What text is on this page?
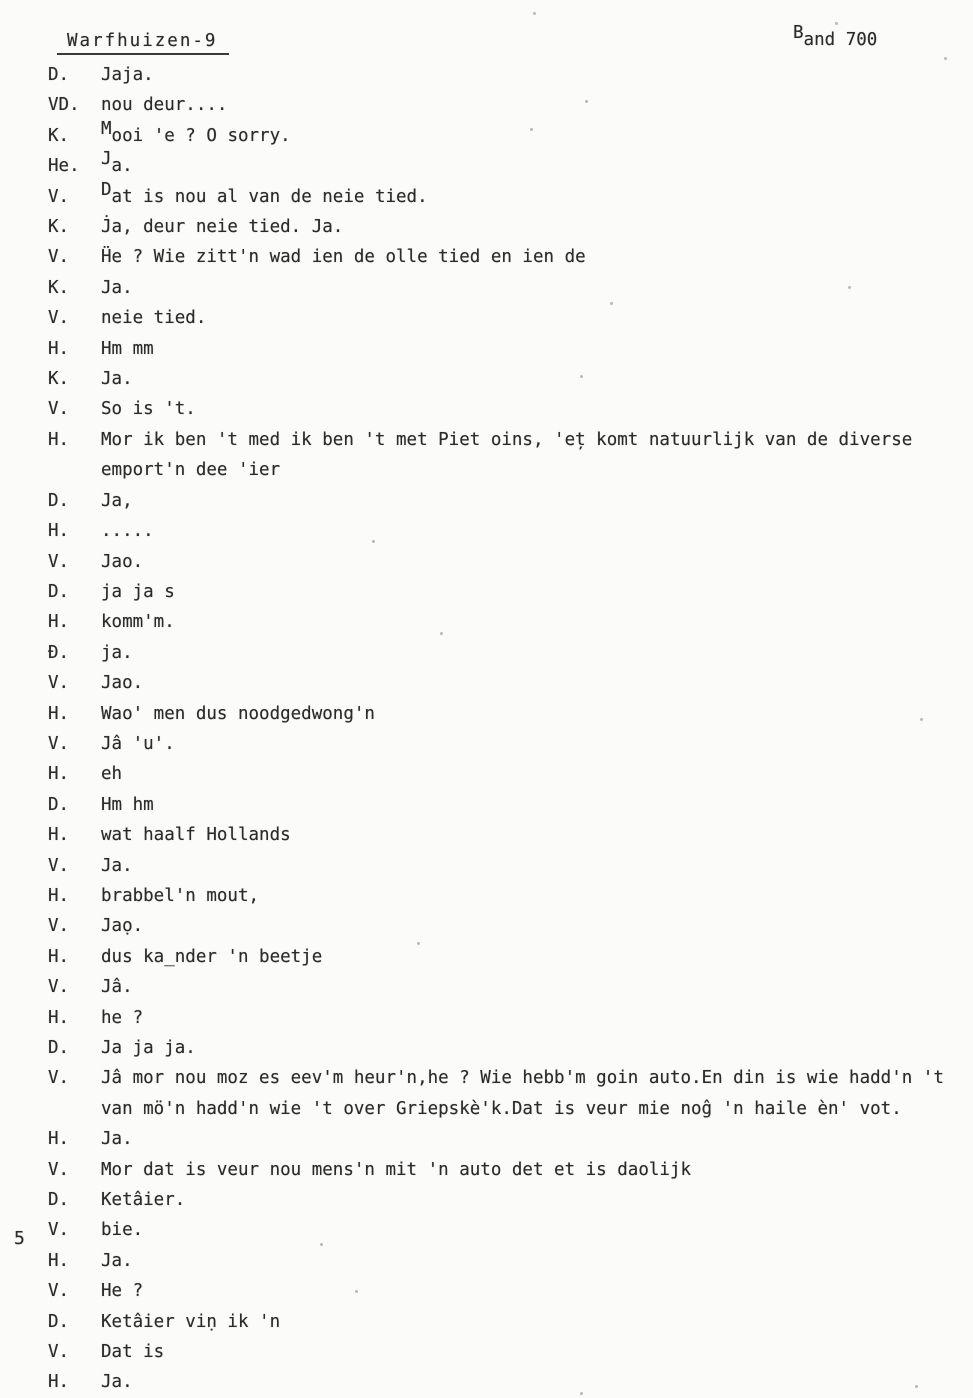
Warfhuizen-9	Band 700
D. Jaja.
VD. nou deur....
K. Mooi 'e ? O sorry.
He. Ja.
V. Dat is nou al van de neie tied.
K. J̇a, deur neie tied. Ja.
V. Ḧe ? Wie zitt'n wad ien de olle tied en ien de
K. Ja.
V. neie tied.
H. Hm mm
K. Ja.
V. So is 't.
H. Mor ik ben 't med ik ben 't met Piet oins, 'eț komt natuurlijk van de diverse
emport'n dee 'ier
D. Ja,
H. .....
V. Jao.
D. ja ja s
H. komm'm.
Ð. ja.
V. Jao.
H. Wao' men dus noodgedwong'n
V. Jâ 'u'.
H. eh
D. Hm hm
H. wat haalf Hollands
V. Ja.
H. brabbel'n mout,
V. Jaọ.
H. dus ka̲nder 'n beetje
V. Jâ.
H. he ?
D. Ja ja ja.
V. Jâ mor nou moz es eev'm heur'n,he ? Wie hebb'm goin auto.En din is wie hadd'n 't
van mö'n hadd'n wie 't over Griepskè'k.Dat is veur mie noĝ 'n haile èn' vot.
H. Ja.
V. Mor dat is veur nou mens'n mit 'n auto det et is daolijk
D. Ketâier.
V. bie.
H. Ja.
V. He ?
D. Ketâier viṇ ik 'n
V. Dat is
H. Ja.
5
